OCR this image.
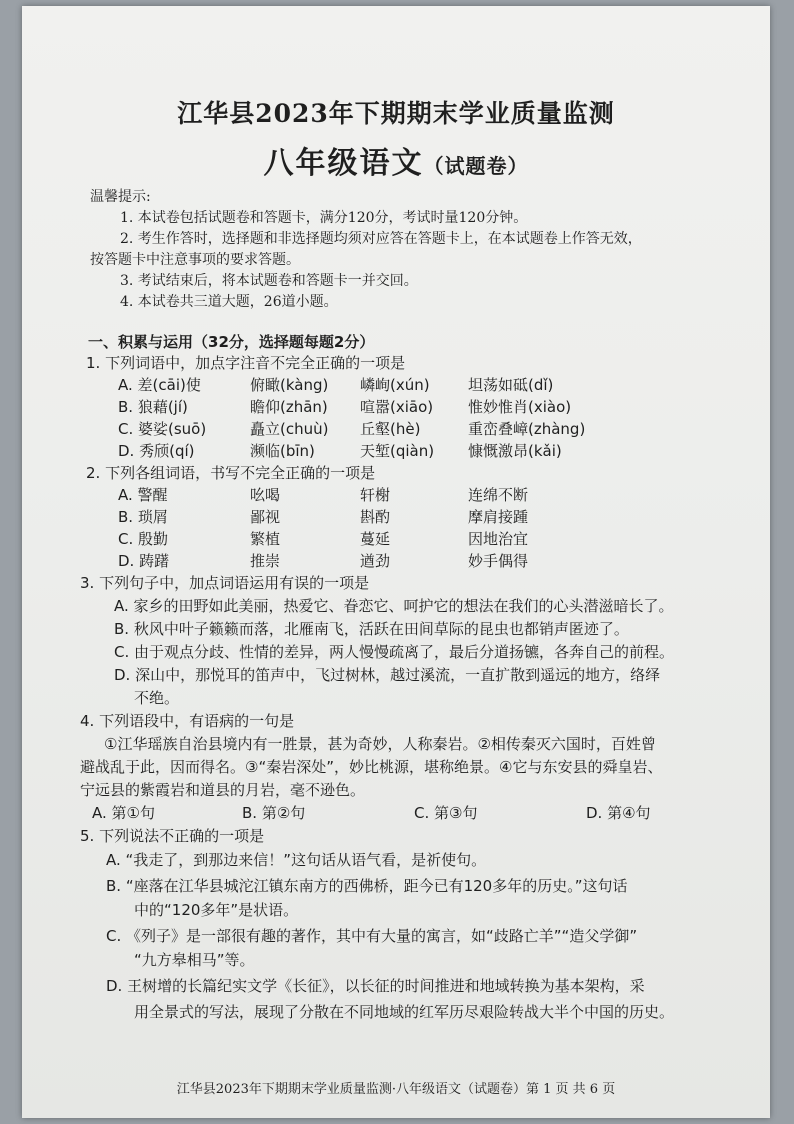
江华县2023年下期期末学业质量监测
八年级语文（试题卷）
温馨提示:
1. 本试卷包括试题卷和答题卡，满分120分，考试时量120分钟。
2. 考生作答时，选择题和非选择题均须对应答在答题卡上，在本试题卷上作答无效，
按答题卡中注意事项的要求答题。
3. 考试结束后，将本试题卷和答题卡一并交回。
4. 本试卷共三道大题，26道小题。
一、积累与运用（32分，选择题每题2分）
1. 下列词语中，加点字注音不完全正确的一项是
A. 差(cāi)使	俯瞰(kàng) 嶙峋(xún)	坦荡如砥(dǐ)
B. 狼藉(jí)	瞻仰(zhān) 喧嚣(xiāo) 惟妙惟肖(xiào)
C. 婆娑(suō)	矗立(chuù) 丘壑(hè)	重峦叠嶂(zhàng)
D. 秀颀(qí)	濒临(bīn)	天堑(qiàn) 慷慨激昂(kǎi)
2. 下列各组词语，书写不完全正确的一项是
A. 警醒	吆喝	轩榭	连绵不断
B. 琐屑	鄙视	斟酌	摩肩接踵
C. 殷勤	繁植	蔓延	因地治宜
D. 踌躇	推崇	遒劲	妙手偶得
3. 下列句子中，加点词语运用有误的一项是
A. 家乡的田野如此美丽，热爱它、眷恋它、呵护它的想法在我们的心头潜滋暗长了。
B. 秋风中叶子籁籁而落，北雁南飞，活跃在田间草际的昆虫也都销声匿迹了。
C. 由于观点分歧、性情的差异，两人慢慢疏离了，最后分道扬镳，各奔自己的前程。
D. 深山中，那悦耳的笛声中，飞过树林，越过溪流，一直扩散到遥远的地方，络绎
不绝。
4. 下列语段中，有语病的一句是
①江华瑶族自治县境内有一胜景，甚为奇妙，人称秦岩。②相传秦灭六国时，百姓曾
避战乱于此，因而得名。③“秦岩深处”，妙比桃源，堪称绝景。④它与东安县的舜皇岩、
宁远县的紫霞岩和道县的月岩，毫不逊色。
A. 第①句	B. 第②句	C. 第③句	D. 第④句
5. 下列说法不正确的一项是
A. “我走了，到那边来信！”这句话从语气看，是祈使句。
B. “座落在江华县城沱江镇东南方的西佛桥，距今已有120多年的历史。”这句话
中的“120多年”是状语。
C. 《列子》是一部很有趣的著作，其中有大量的寓言，如“歧路亡羊”“造父学御”
“九方皋相马”等。
D. 王树增的长篇纪实文学《长征》，以长征的时间推进和地域转换为基本架构，采
用全景式的写法，展现了分散在不同地域的红军历尽艰险转战大半个中国的历史。
江华县2023年下期期末学业质量监测·八年级语文（试题卷）第 1 页 共 6 页
